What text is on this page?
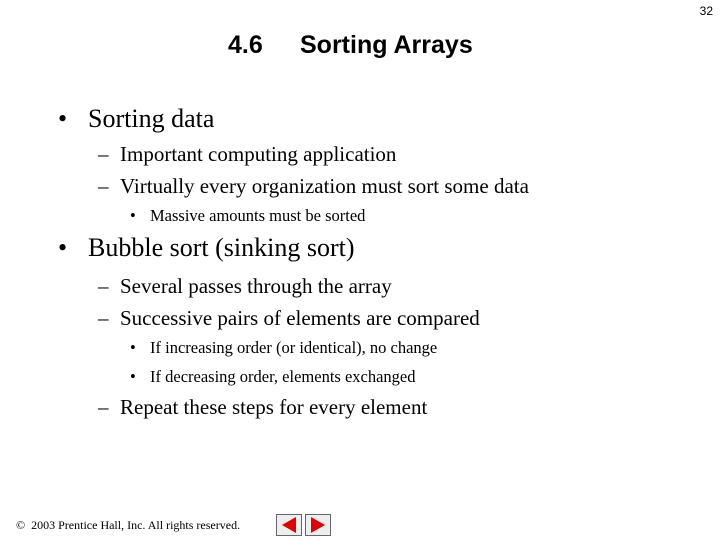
32
4.6 Sorting Arrays
• Sorting data
– Important computing application
– Virtually every organization must sort some data
• Massive amounts must be sorted
• Bubble sort (sinking sort)
– Several passes through the array
– Successive pairs of elements are compared
• If increasing order (or identical), no change
• If decreasing order, elements exchanged
– Repeat these steps for every element
© 2003 Prentice Hall, Inc. All rights reserved.
